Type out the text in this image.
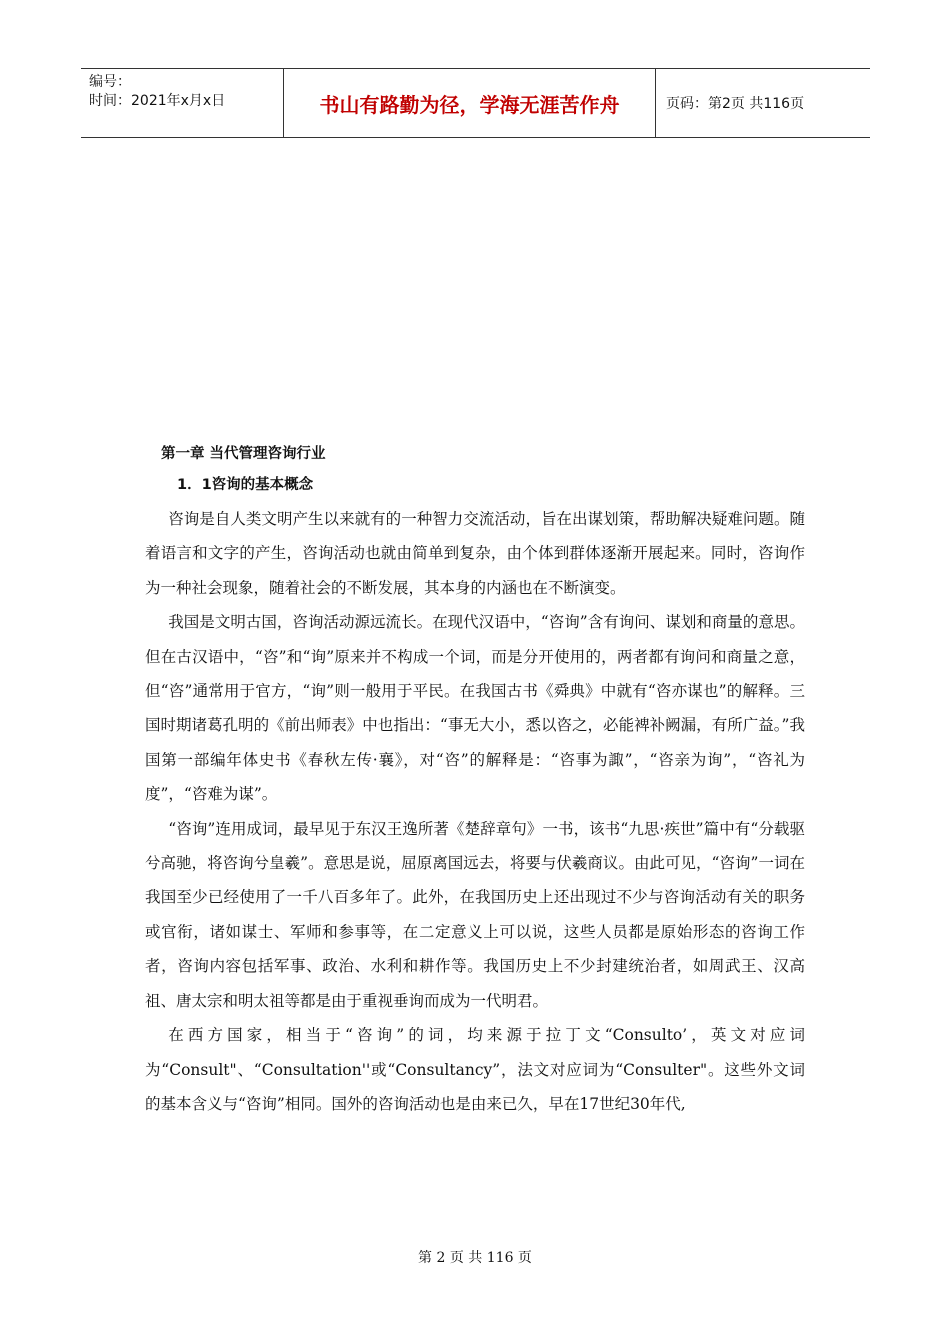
编号：
时间：2021年x月x日	书山有路勤为径，学海无涯苦作舟	页码：第2页 共116页
第一章 当代管理咨询行业
1．1咨询的基本概念

咨询是自人类文明产生以来就有的一种智力交流活动，旨在出谋划策，帮助解决疑难问题。随着语言和文字的产生，咨询活动也就由简单到复杂，由个体到群体逐渐开展起来。同时，咨询作为一种社会现象，随着社会的不断发展，其本身的内涵也在不断演变。

我国是文明古国，咨询活动源远流长。在现代汉语中，“咨询”含有询问、谋划和商量的意思。但在古汉语中，“咨”和“询”原来并不构成一个词，而是分开使用的，两者都有询问和商量之意，但“咨”通常用于官方，“询”则一般用于平民。在我国古书《舜典》中就有“咨亦谋也”的解释。三国时期诸葛孔明的《前出师表》中也指出：“事无大小，悉以咨之，必能裨补阙漏，有所广益。”我国第一部编年体史书《春秋左传·襄》，对“咨”的解释是：“咨事为諏”，“咨亲为询”，“咨礼为度”，“咨难为谋”。

“咨询”连用成词，最早见于东汉王逸所著《楚辞章句》一书，该书“九思·疾世”篇中有“分载驱兮高驰，将咨询兮皇羲”。意思是说，屈原离国远去，将要与伏羲商议。由此可见，“咨询”一词在我国至少已经使用了一千八百多年了。此外，在我国历史上还出现过不少与咨询活动有关的职务或官衔，诸如谋士、军师和参事等，在二定意义上可以说，这些人员都是原始形态的咨询工作者，咨询内容包括军事、政治、水利和耕作等。我国历史上不少封建统治者，如周武王、汉高祖、唐太宗和明太祖等都是由于重视垂询而成为一代明君。

在西方国家，相当于“咨询”的词，均来源于拉丁文“Consulto’，英文对应词为“Consult"、“Consultation''或“Consultancy”，法文对应词为“Consulter"。这些外文词的基本含义与“咨询”相同。国外的咨询活动也是由来已久，早在17世纪30年代,

第 2 页 共 116 页
